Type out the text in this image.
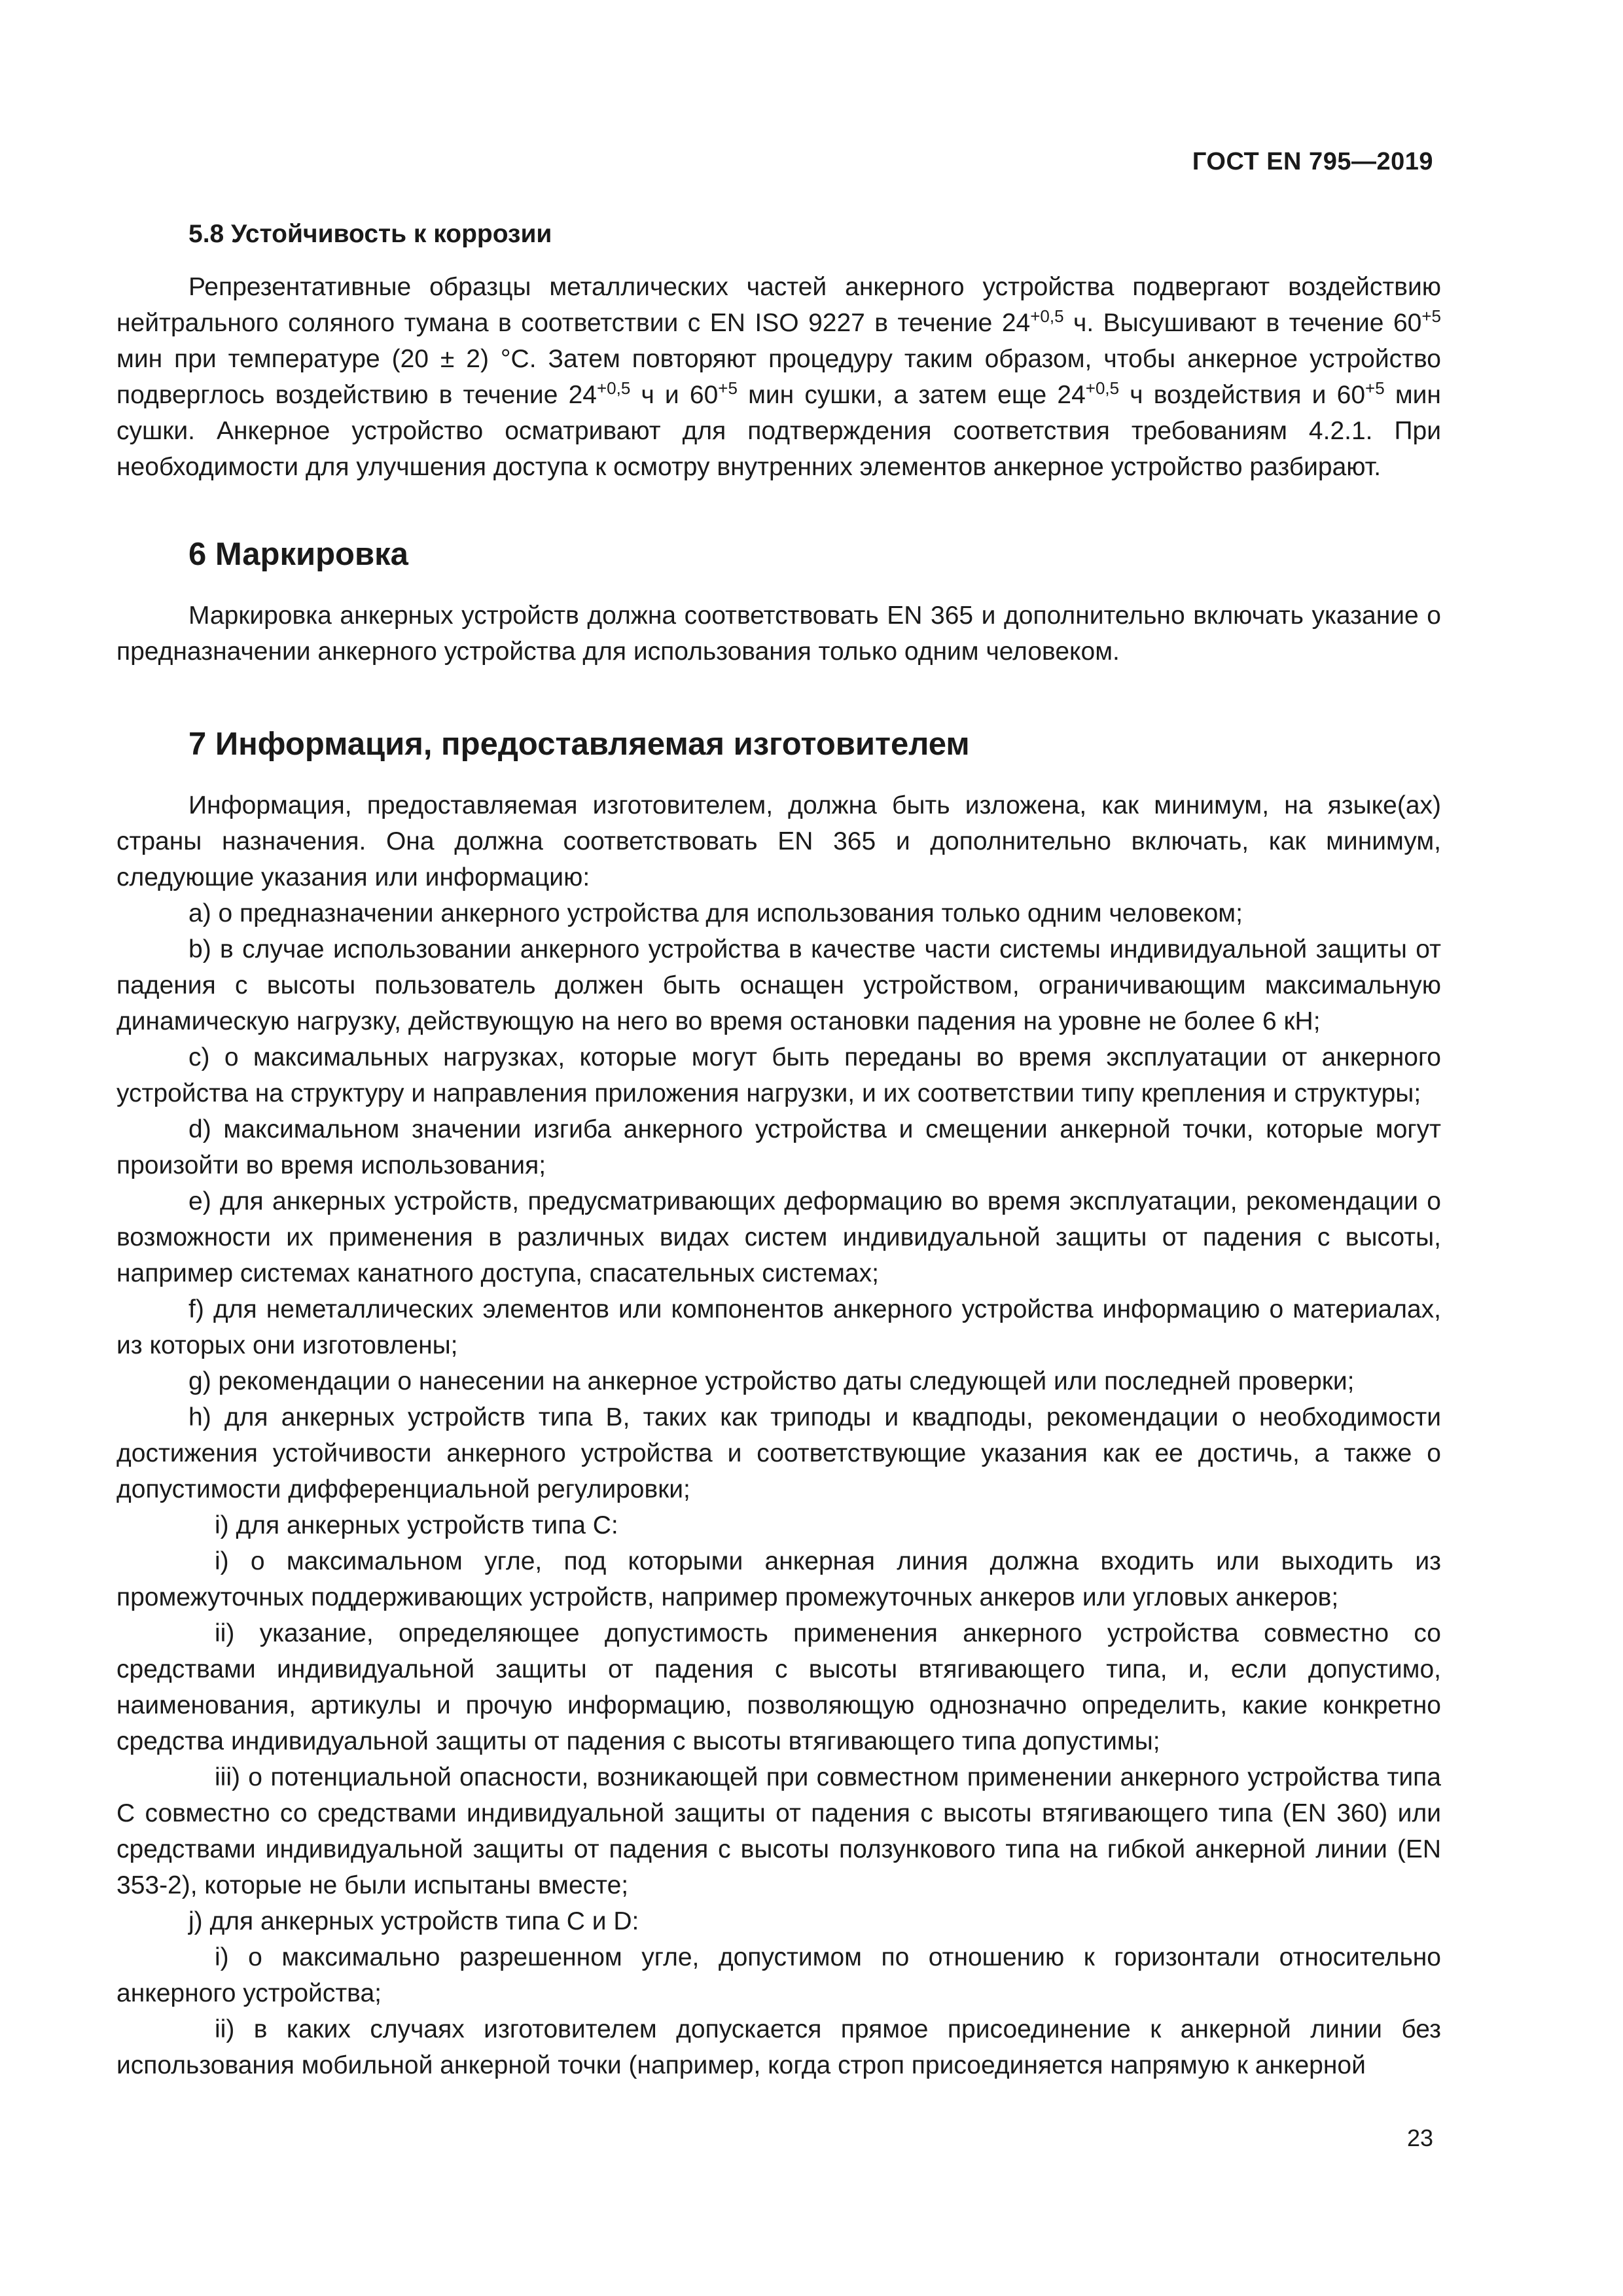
ГОСТ EN 795—2019
5.8 Устойчивость к коррозии

Репрезентативные образцы металлических частей анкерного устройства подвергают воздействию нейтрального соляного тумана в соответствии с EN ISO 9227 в течение $24^{+0,5}$ ч. Высушивают в течение $60^{+5}$ мин при температуре (20 ± 2) °C. Затем повторяют процедуру таким образом, чтобы анкерное устройство подверглось воздействию в течение $24^{+0,5}$ ч и $60^{+5}$ мин сушки, а затем еще $24^{+0,5}$ ч воздействия и $60^{+5}$ мин сушки. Анкерное устройство осматривают для подтверждения соответствия требованиям 4.2.1. При необходимости для улучшения доступа к осмотру внутренних элементов анкерное устройство разбирают.

6 Маркировка

Маркировка анкерных устройств должна соответствовать EN 365 и дополнительно включать указание о предназначении анкерного устройства для использования только одним человеком.

7 Информация, предоставляемая изготовителем

Информация, предоставляемая изготовителем, должна быть изложена, как минимум, на языке(ах) страны назначения. Она должна соответствовать EN 365 и дополнительно включать, как минимум, следующие указания или информацию:

a) о предназначении анкерного устройства для использования только одним человеком;

b) в случае использовании анкерного устройства в качестве части системы индивидуальной защиты от падения с высоты пользователь должен быть оснащен устройством, ограничивающим максимальную динамическую нагрузку, действующую на него во время остановки падения на уровне не более 6 кН;

c) о максимальных нагрузках, которые могут быть переданы во время эксплуатации от анкерного устройства на структуру и направления приложения нагрузки, и их соответствии типу крепления и структуры;

d) максимальном значении изгиба анкерного устройства и смещении анкерной точки, которые могут произойти во время использования;

e) для анкерных устройств, предусматривающих деформацию во время эксплуатации, рекомендации о возможности их применения в различных видах систем индивидуальной защиты от падения с высоты, например системах канатного доступа, спасательных системах;

f) для неметаллических элементов или компонентов анкерного устройства информацию о материалах, из которых они изготовлены;

g) рекомендации о нанесении на анкерное устройство даты следующей или последней проверки;

h) для анкерных устройств типа B, таких как триподы и квадподы, рекомендации о необходимости достижения устойчивости анкерного устройства и соответствующие указания как ее достичь, а также о допустимости дифференциальной регулировки;

i) для анкерных устройств типа C:

i) о максимальном угле, под которыми анкерная линия должна входить или выходить из промежуточных поддерживающих устройств, например промежуточных анкеров или угловых анкеров;

ii) указание, определяющее допустимость применения анкерного устройства совместно со средствами индивидуальной защиты от падения с высоты втягивающего типа, и, если допустимо, наименования, артикулы и прочую информацию, позволяющую однозначно определить, какие конкретно средства индивидуальной защиты от падения с высоты втягивающего типа допустимы;

iii) о потенциальной опасности, возникающей при совместном применении анкерного устройства типа C совместно со средствами индивидуальной защиты от падения с высоты втягивающего типа (EN 360) или средствами индивидуальной защиты от падения с высоты ползункового типа на гибкой анкерной линии (EN 353-2), которые не были испытаны вместе;

j) для анкерных устройств типа C и D:

i) о максимально разрешенном угле, допустимом по отношению к горизонтали относительно анкерного устройства;

ii) в каких случаях изготовителем допускается прямое присоединение к анкерной линии без использования мобильной анкерной точки (например, когда строп присоединяется напрямую к анкерной

23
